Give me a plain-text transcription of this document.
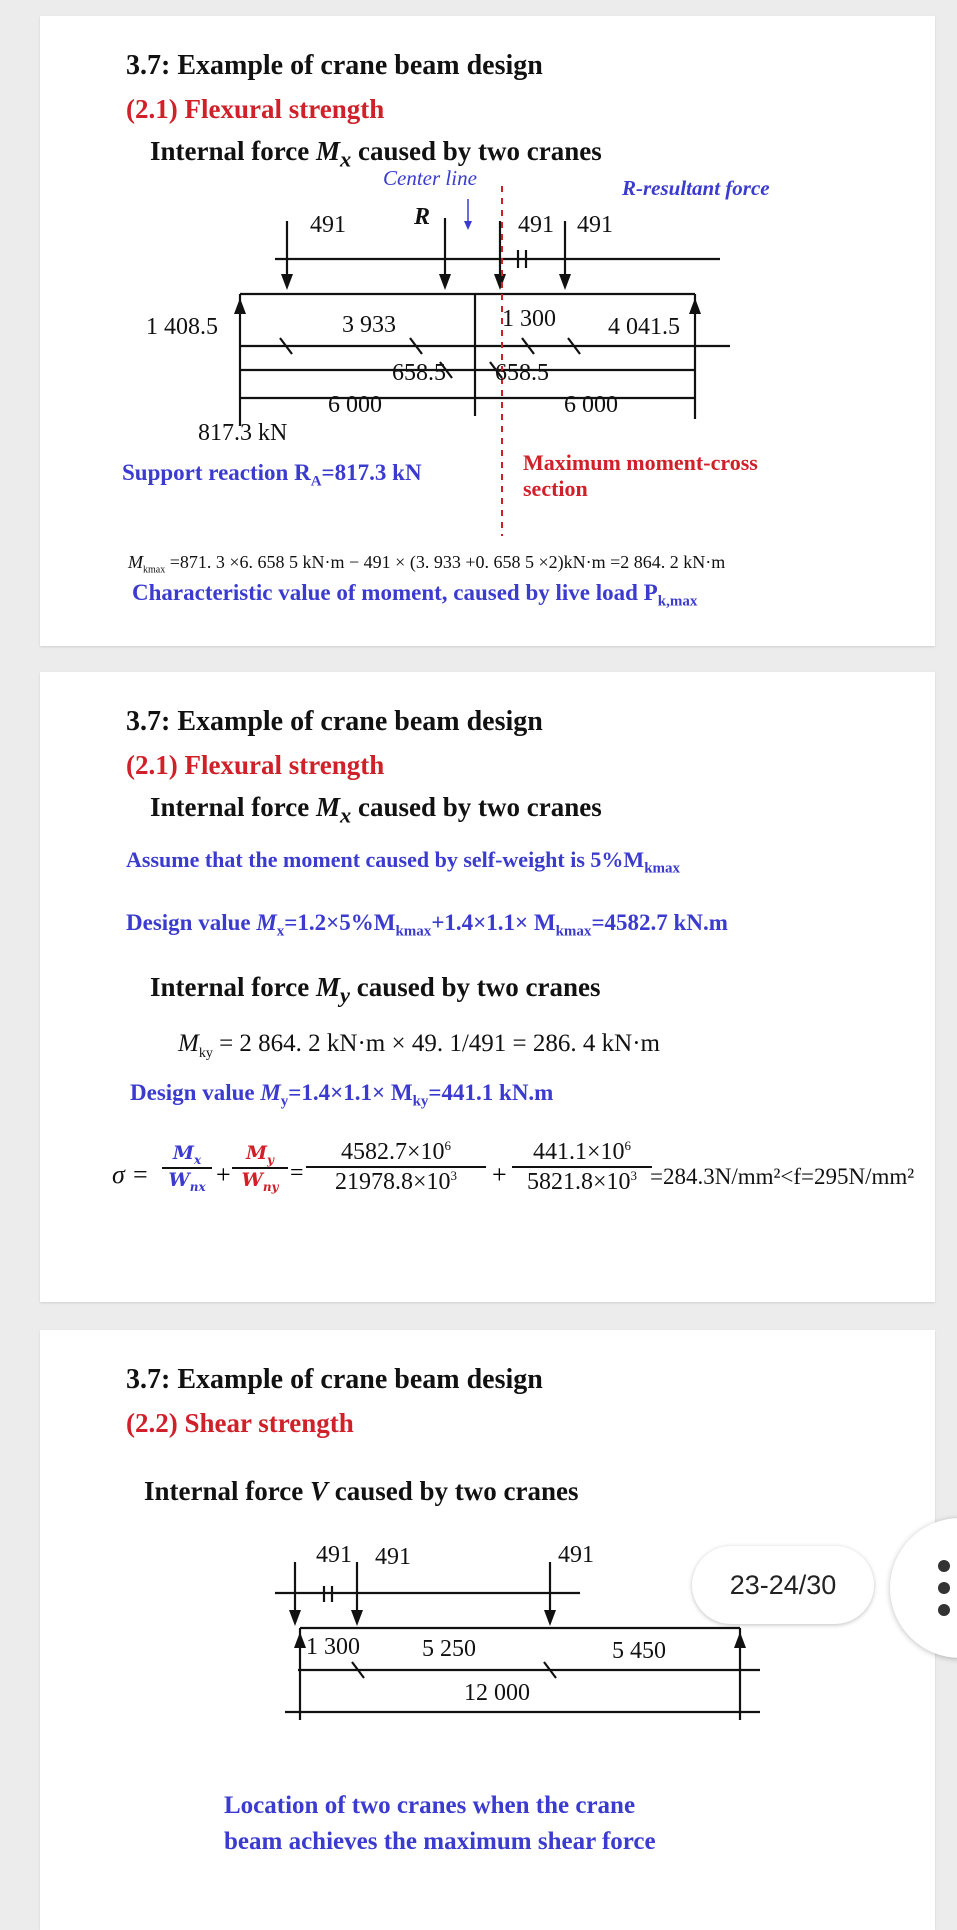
3.7: Example of crane beam design
(2.1) Flexural strength
Internal force $M_x$ caused by two cranes
Center line	R-resultant force
491	R	491 491
1 408.5	3 933	1 300 4 041.5
658.5 658.5
6 000	6 000
817.3 kN
Support reaction $R_A=817.3$ kN	Maximum moment-cross
section
$M_{kmax} =871$. 3 ×6. 658 5 kN·m − 491 × (3. 933 +0. 658 5 ×2)kN·m =2 864. 2 kN·m
Characteristic value of moment, caused by live load $P_{k,max}$
3.7: Example of crane beam design
(2.1) Flexural strength
Internal force $M_x$ caused by two cranes
Assume that the moment caused by self-weight is $5\%M_{kmax}$
Design value $M_x=1.2\times 5\%M_{kmax}+1.4\times 1.1\times M_{kmax}=4582.7$ kN.m
Internal force $M_y$ caused by two cranes
$M_{ky} = 2$ 864. 2 kN·m × 49. 1/491 = 286. 4 kN·m
Design value $M_y=1.4\times 1.1\times M_{ky}=441.1$ kN.m
σ =
$M_x$
$W_{nx}$ +
$M_y$
$W_{ny}$
=
$4582.7\times 10^6$
$21978.8\times 10^3$	+
$441.1\times 10^6$
$5821.8\times 10^3 =284.3N/mm^2<f=295N/mm^2$
3.7: Example of crane beam design
(2.2) Shear strength
Internal force V caused by two cranes
491 491	491
1 300	5 250	5 450
12 000
Location of two cranes when the crane
beam achieves the maximum shear force
23-24/30
